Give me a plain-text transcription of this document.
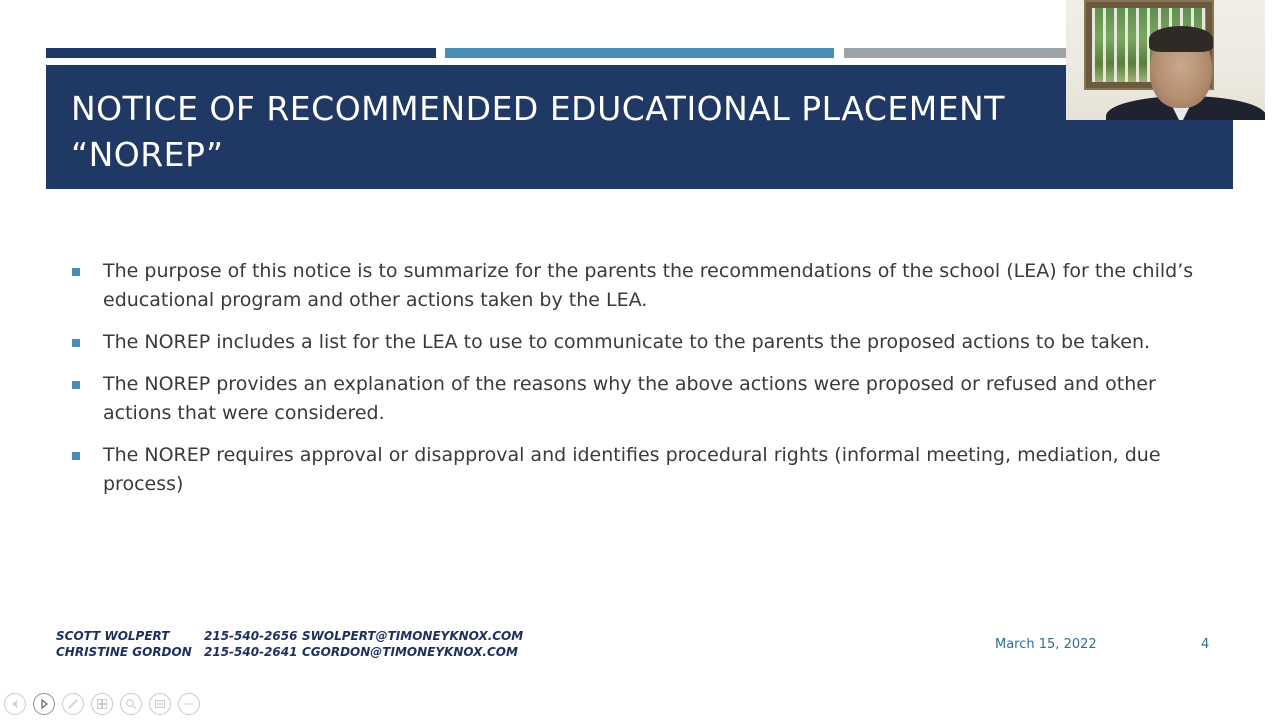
NOTICE OF RECOMMENDED EDUCATIONAL PLACEMENT
“NOREP”
The purpose of this notice is to summarize for the parents the recommendations of the school (LEA) for the child’s educational program and other actions taken by the LEA.
The NOREP includes a list for the LEA to use to communicate to the parents the proposed actions to be taken.
The NOREP provides an explanation of the reasons why the above actions were proposed or refused and other actions that were considered.
The NOREP requires approval or disapproval and identifies procedural rights (informal meeting, mediation, due process)
SCOTT WOLPERT	215-540-2656 SWOLPERT@TIMONEYKNOX.COM
CHRISTINE GORDON 215-540-2641 CGORDON@TIMONEYKNOX.COM	March 15, 2022	4
